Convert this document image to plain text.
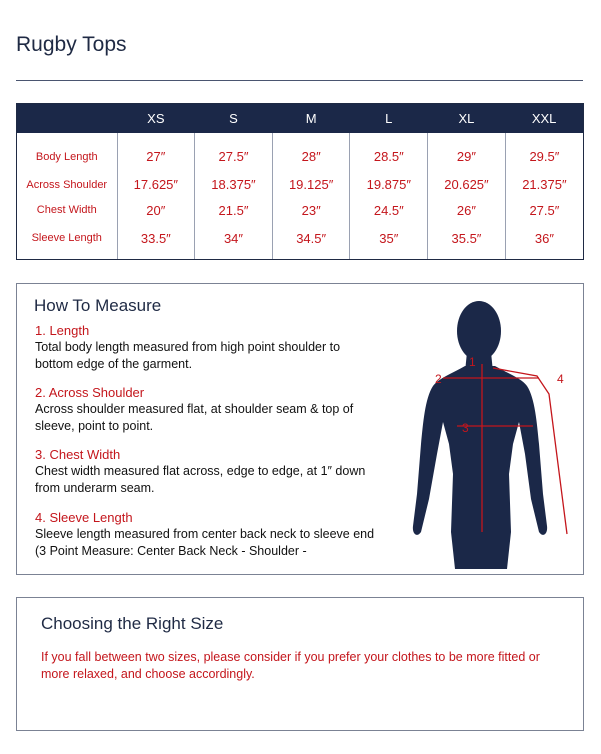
Rugby Tops
	XS	S	M	L	XL	XXL
Body Length	27″	27.5″	28″	28.5″	29″	29.5″
Across Shoulder	17.625″	18.375″	19.125″	19.875″	20.625″	21.375″
Chest Width	20″	21.5″	23″	24.5″	26″	27.5″
Sleeve Length	33.5″	34″	34.5″	35″	35.5″	36″
How To Measure
1. Length
Total body length measured from high point shoulder to bottom edge of the garment.
2. Across Shoulder
Across shoulder measured flat, at shoulder seam & top of sleeve, point to point.
3. Chest Width
Chest width measured flat across, edge to edge, at 1″ down from underarm seam.
4. Sleeve Length
Sleeve length measured from center back neck to sleeve end (3 Point Measure: Center Back Neck - Shoulder -
1
2
3
4
Choosing the Right Size
If you fall between two sizes, please consider if you prefer your clothes to be more fitted or more relaxed, and choose accordingly.
